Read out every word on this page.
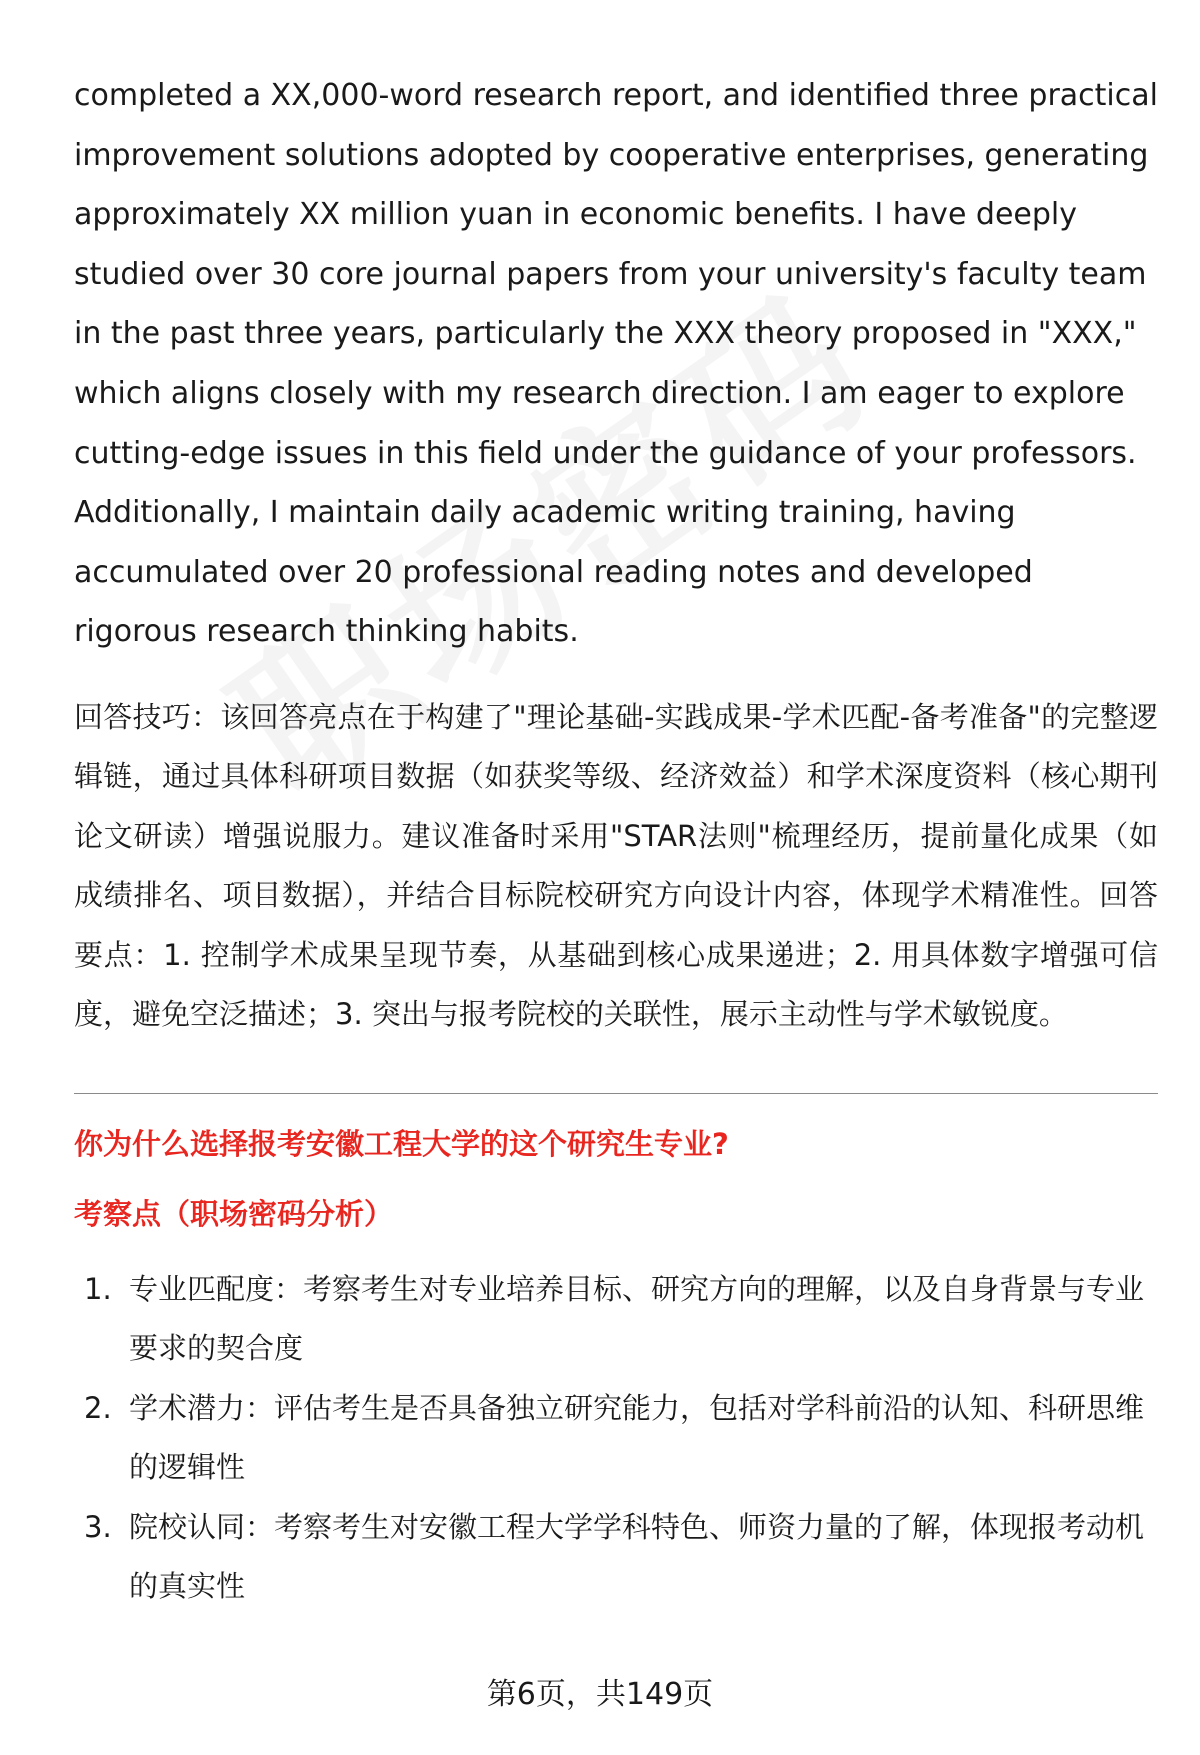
completed a XX,000-word research report, and identified three practical improvement solutions adopted by cooperative enterprises, generating approximately XX million yuan in economic benefits. I have deeply studied over 30 core journal papers from your university's faculty team in the past three years, particularly the XXX theory proposed in "XXX," which aligns closely with my research direction. I am eager to explore cutting-edge issues in this field under the guidance of your professors. Additionally, I maintain daily academic writing training, having accumulated over 20 professional reading notes and developed rigorous research thinking habits.

回答技巧：该回答亮点在于构建了"理论基础-实践成果-学术匹配-备考准备"的完整逻辑链，通过具体科研项目数据（如获奖等级、经济效益）和学术深度资料（核心期刊论文研读）增强说服力。建议准备时采用"STAR法则"梳理经历，提前量化成果（如成绩排名、项目数据），并结合目标院校研究方向设计内容，体现学术精准性。回答要点：1. 控制学术成果呈现节奏，从基础到核心成果递进；2. 用具体数字增强可信度，避免空泛描述；3. 突出与报考院校的关联性，展示主动性与学术敏锐度。

你为什么选择报考安徽工程大学的这个研究生专业?
考察点（职场密码分析）
1. 专业匹配度：考察考生对专业培养目标、研究方向的理解，以及自身背景与专业要求的契合度
2. 学术潜力：评估考生是否具备独立研究能力，包括对学科前沿的认知、科研思维的逻辑性
3. 院校认同：考察考生对安徽工程大学学科特色、师资力量的了解，体现报考动机的真实性
第6页，共149页
